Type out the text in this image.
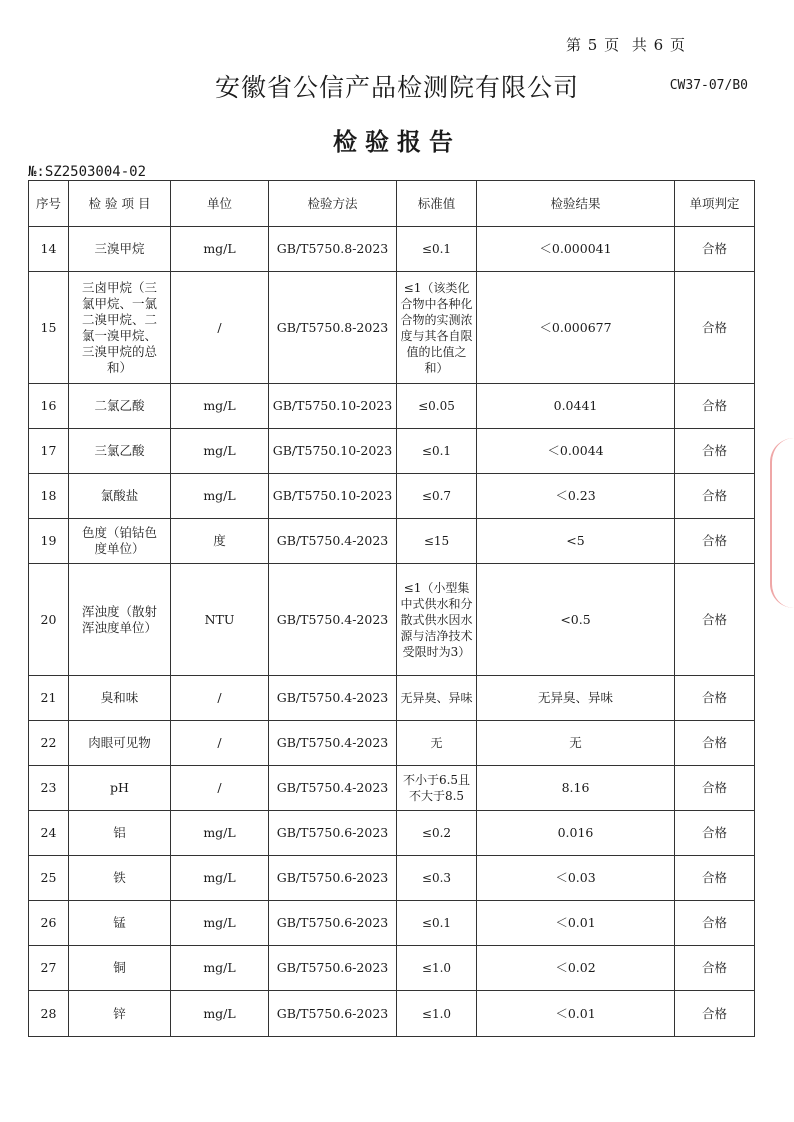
第 5 页 共 6 页
安徽省公信产品检测院有限公司	CW37-07/B0
检验报告
№:SZ2503004-02
序号	检 验 项 目	单位	检验方法	标准值	检验结果	单项判定
14	三溴甲烷	mg/L	GB/T5750.8-2023	≤0.1	＜0.000041	合格
15	三卤甲烷（三氯甲烷、一氯二溴甲烷、二氯一溴甲烷、三溴甲烷的总和）	/	GB/T5750.8-2023	≤1（该类化合物中各种化合物的实测浓度与其各自限值的比值之和）	＜0.000677	合格
16	二氯乙酸	mg/L	GB/T5750.10-2023	≤0.05	0.0441	合格
17	三氯乙酸	mg/L	GB/T5750.10-2023	≤0.1	＜0.0044	合格
18	氯酸盐	mg/L	GB/T5750.10-2023	≤0.7	＜0.23	合格
19	色度（铂钴色度单位）	度	GB/T5750.4-2023	≤15	<5	合格
20	浑浊度（散射浑浊度单位）	NTU	GB/T5750.4-2023	≤1（小型集中式供水和分散式供水因水源与洁净技术受限时为3）	<0.5	合格
21	臭和味	/	GB/T5750.4-2023	无异臭、异味	无异臭、异味	合格
22	肉眼可见物	/	GB/T5750.4-2023	无	无	合格
23	pH	/	GB/T5750.4-2023	不小于6.5且不大于8.5	8.16	合格
24	铝	mg/L	GB/T5750.6-2023	≤0.2	0.016	合格
25	铁	mg/L	GB/T5750.6-2023	≤0.3	＜0.03	合格
26	锰	mg/L	GB/T5750.6-2023	≤0.1	＜0.01	合格
27	铜	mg/L	GB/T5750.6-2023	≤1.0	＜0.02	合格
28	锌	mg/L	GB/T5750.6-2023	≤1.0	＜0.01	合格
